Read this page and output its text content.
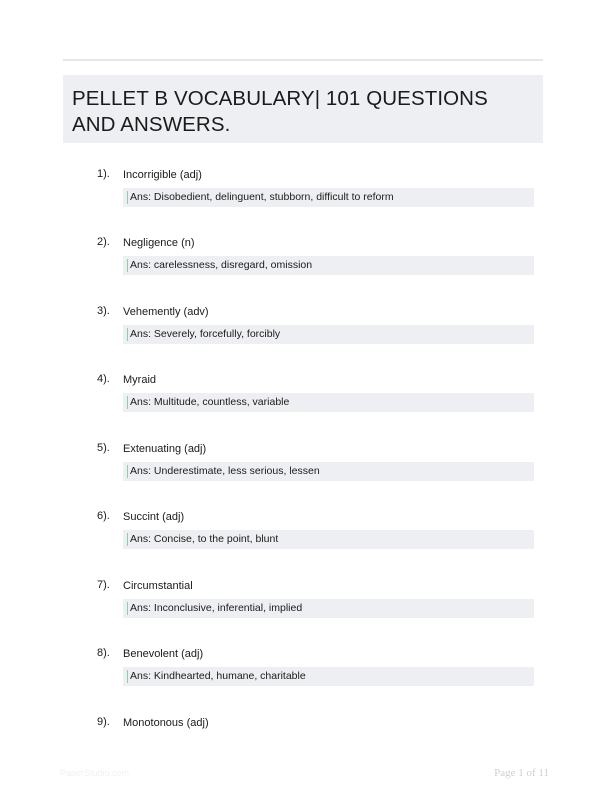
PELLET B VOCABULARY| 101 QUESTIONS AND ANSWERS.
1). Incorrigible (adj)
Ans: Disobedient, delinguent, stubborn, difficult to reform
2). Negligence (n)
Ans: carelessness, disregard, omission
3). Vehemently (adv)
Ans: Severely, forcefully, forcibly
4). Myraid
Ans: Multitude, countless, variable
5). Extenuating (adj)
Ans: Underestimate, less serious, lessen
6). Succint (adj)
Ans: Concise, to the point, blunt
7). Circumstantial
Ans: Inconclusive, inferential, implied
8). Benevolent (adj)
Ans: Kindhearted, humane, charitable
9). Monotonous (adj)
PaperStudio.com	Page 1 of 11
